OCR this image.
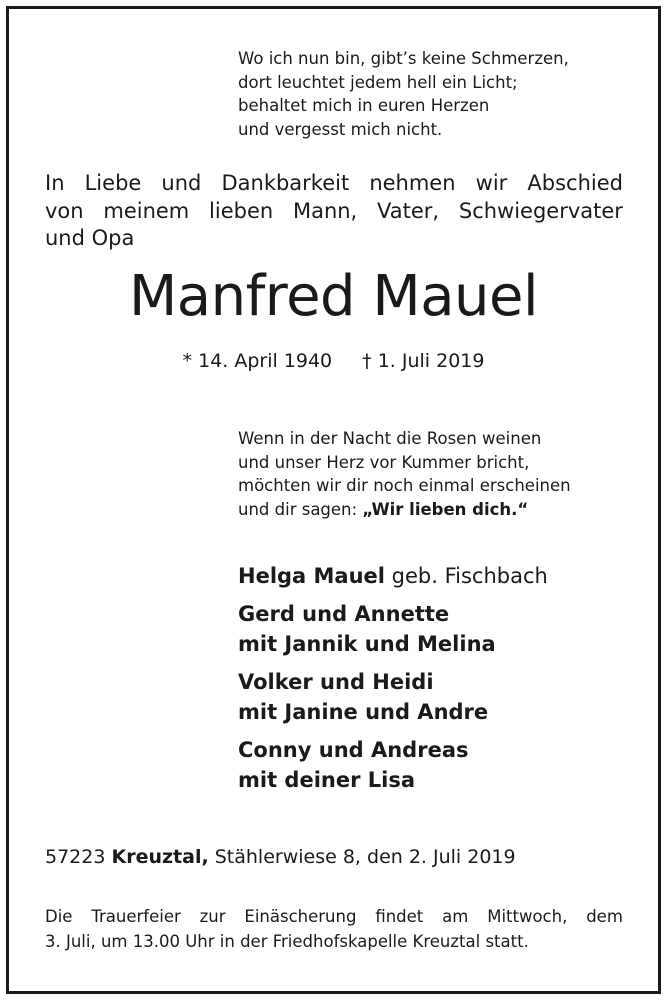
Wo ich nun bin, gibt’s keine Schmerzen,
dort leuchtet jedem hell ein Licht;
behaltet mich in euren Herzen
und vergesst mich nicht.
In Liebe und Dankbarkeit nehmen wir Abschied
von meinem lieben Mann, Vater, Schwiegervater
und Opa
Manfred Mauel
* 14. April 1940 † 1. Juli 2019
Wenn in der Nacht die Rosen weinen
und unser Herz vor Kummer bricht,
möchten wir dir noch einmal erscheinen
und dir sagen: „Wir lieben dich.“
Helga Mauel geb. Fischbach
Gerd und Annette
mit Jannik und Melina
Volker und Heidi
mit Janine und Andre
Conny und Andreas
mit deiner Lisa
57223 Kreuztal, Stählerwiese 8, den 2. Juli 2019
Die Trauerfeier zur Einäscherung findet am Mittwoch, dem
3. Juli, um 13.00 Uhr in der Friedhofskapelle Kreuztal statt.
